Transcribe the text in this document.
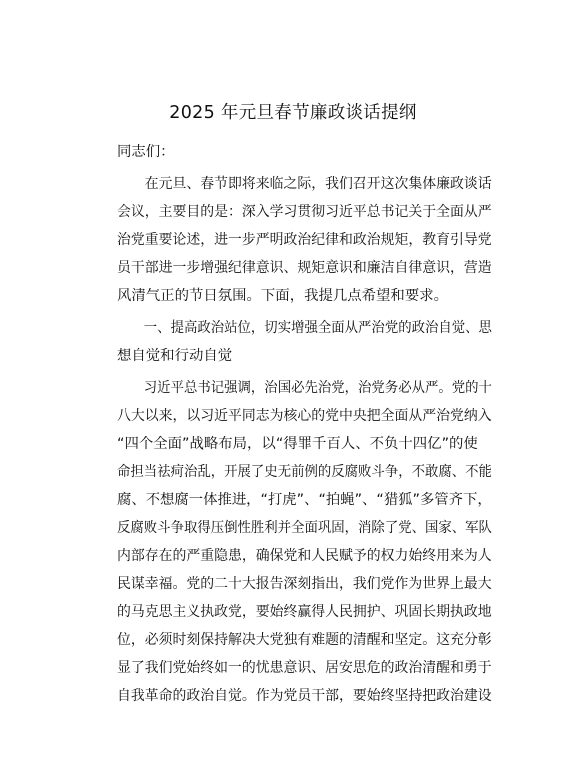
2025 年元旦春节廉政谈话提纲
同志们：
　　在元旦、春节即将来临之际，我们召开这次集体廉政谈话
会议，主要目的是：深入学习贯彻习近平总书记关于全面从严
治党重要论述，进一步严明政治纪律和政治规矩，教育引导党
员干部进一步增强纪律意识、规矩意识和廉洁自律意识，营造
风清气正的节日氛围。下面，我提几点希望和要求。
　　一、提高政治站位，切实增强全面从严治党的政治自觉、思
想自觉和行动自觉
　　习近平总书记强调，治国必先治党，治党务必从严。党的十
八大以来，以习近平同志为核心的党中央把全面从严治党纳入
“四个全面”战略布局，以“得罪千百人、不负十四亿”的使
命担当祛疴治乱，开展了史无前例的反腐败斗争，不敢腐、不能
腐、不想腐一体推进，“打虎”、“拍蝇”、“猎狐”多管齐下，
反腐败斗争取得压倒性胜利并全面巩固，消除了党、国家、军队
内部存在的严重隐患，确保党和人民赋予的权力始终用来为人
民谋幸福。党的二十大报告深刻指出，我们党作为世界上最大
的马克思主义执政党，要始终赢得人民拥护、巩固长期执政地
位，必须时刻保持解决大党独有难题的清醒和坚定。这充分彰
显了我们党始终如一的忧患意识、居安思危的政治清醒和勇于
自我革命的政治自觉。作为党员干部，要始终坚持把政治建设
